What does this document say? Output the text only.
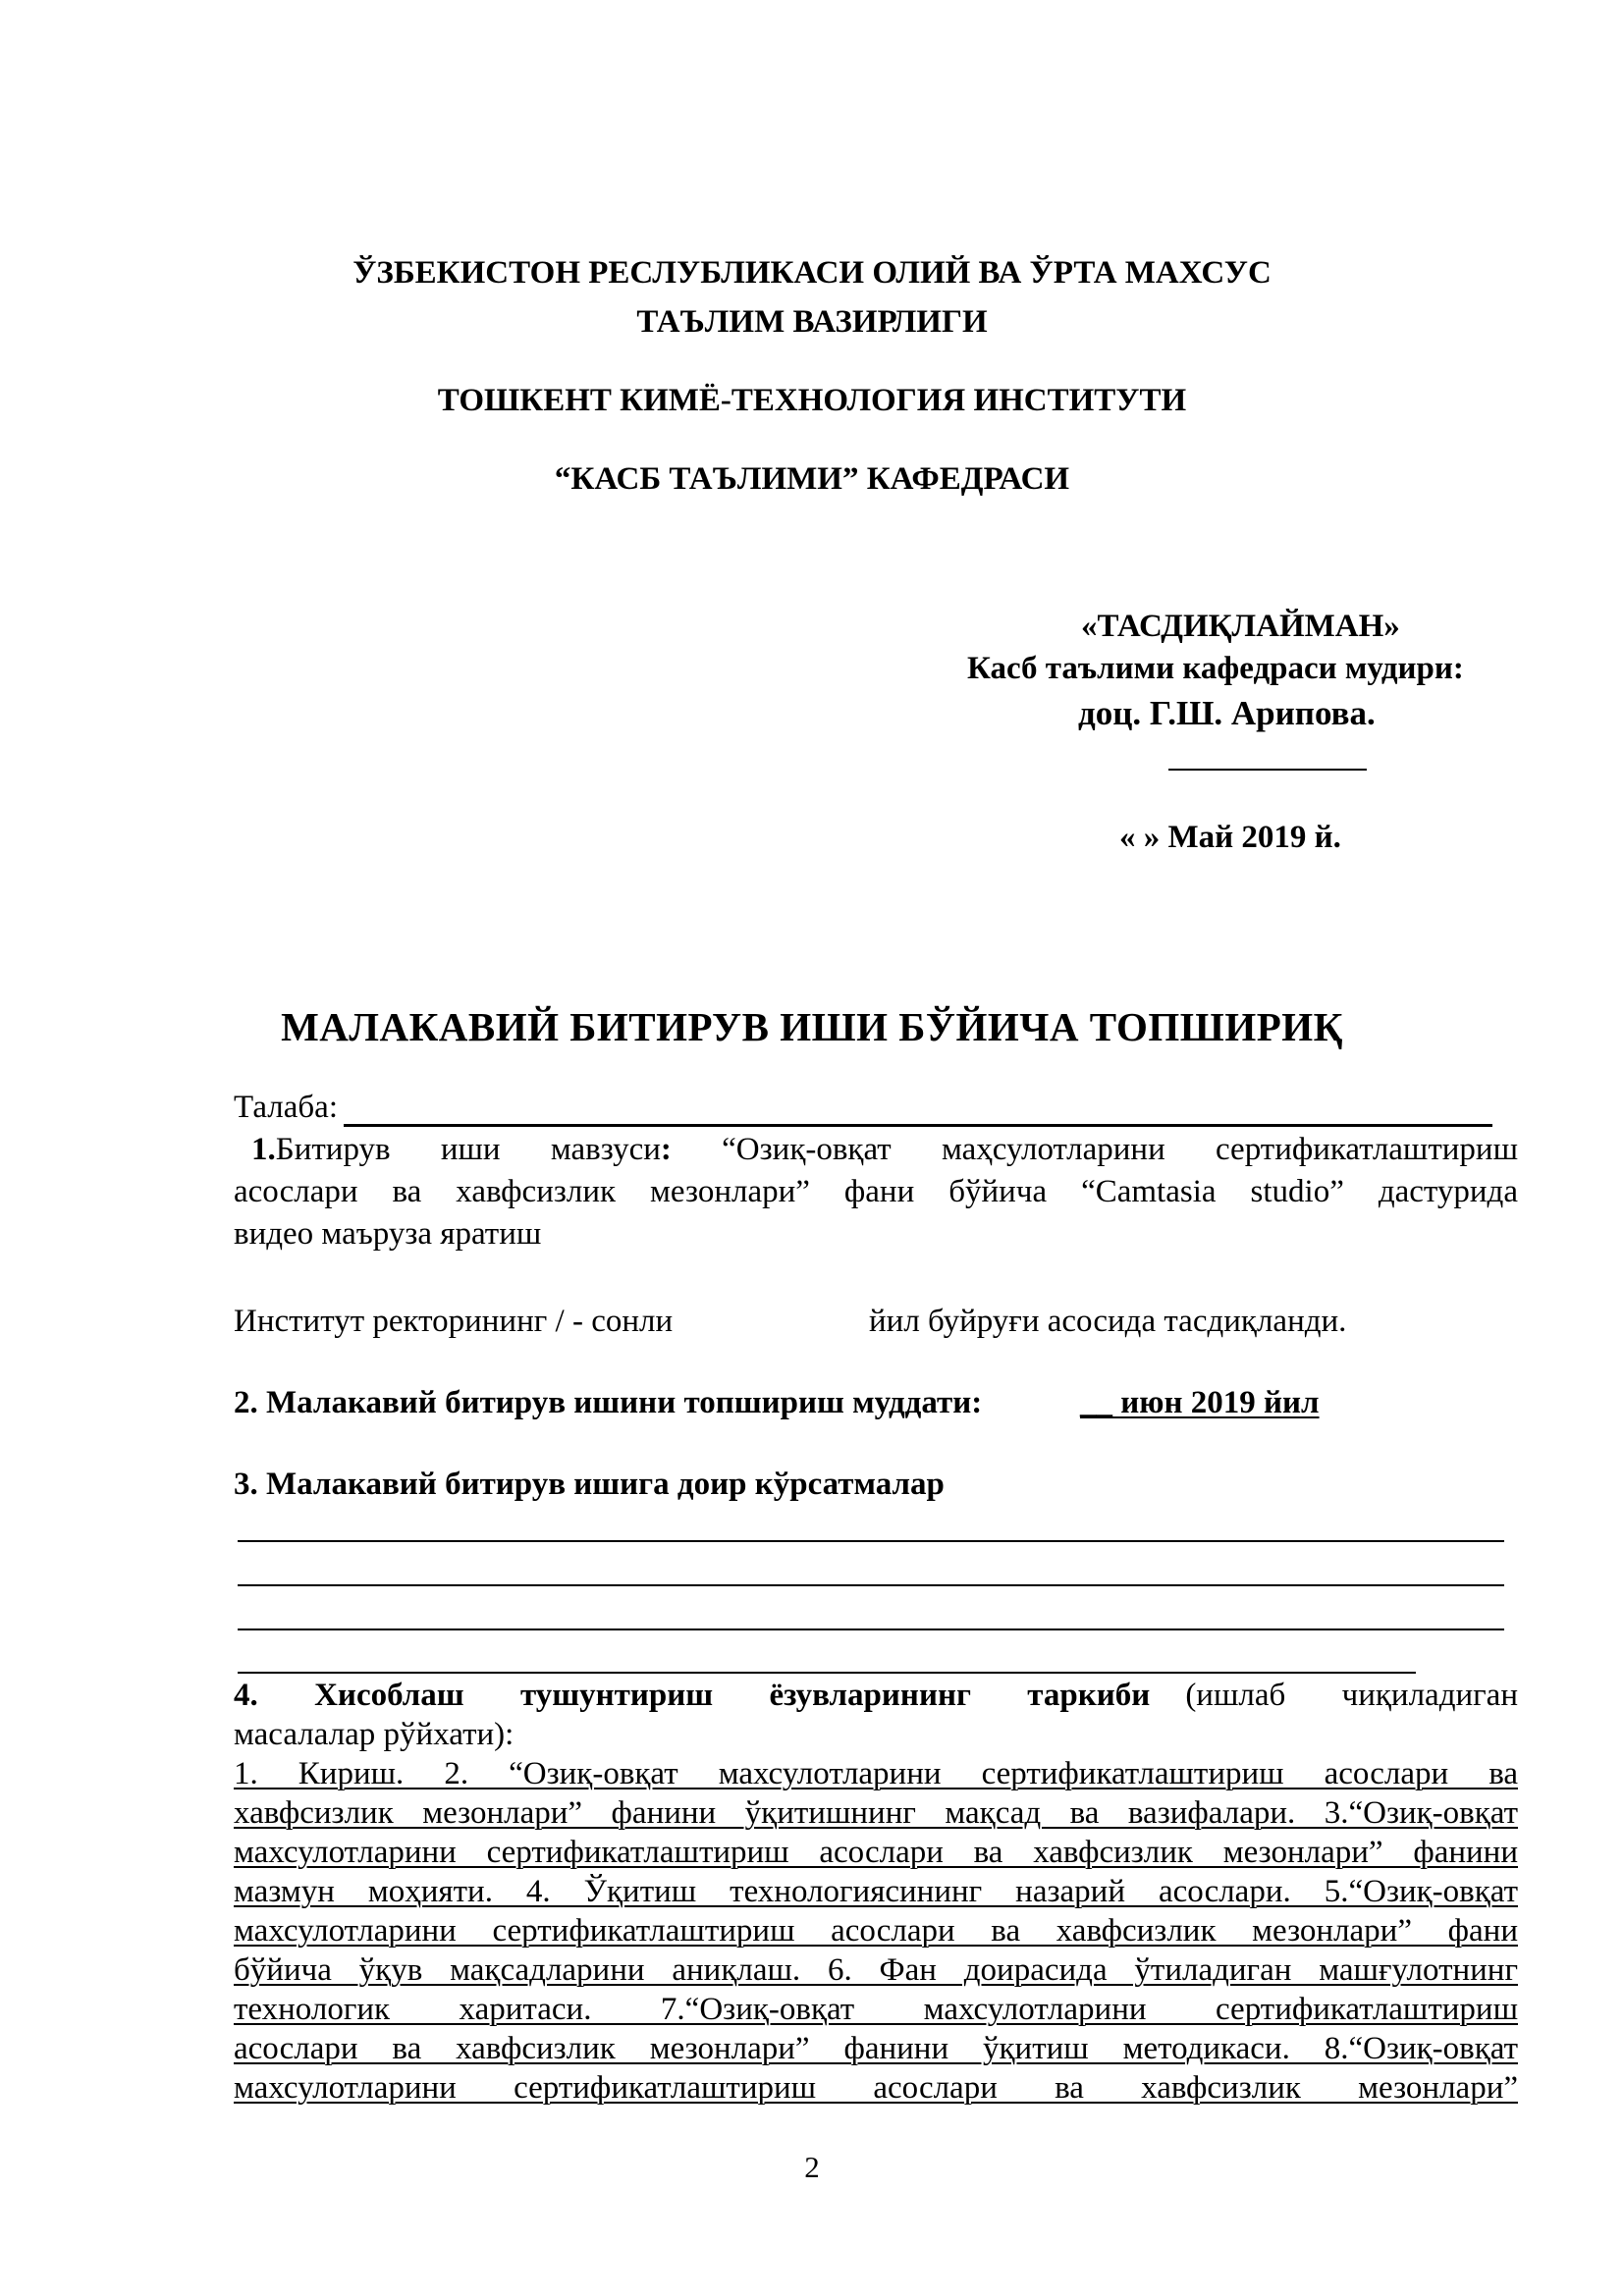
ЎЗБЕКИСТОН РЕСЛУБЛИКАСИ ОЛИЙ ВА ЎРТА МАХСУС
ТАЪЛИМ ВАЗИРЛИГИ
ТОШКЕНТ КИМЁ-ТЕХНОЛОГИЯ ИНСТИТУТИ
“КАСБ ТАЪЛИМИ” КАФЕДРАСИ
«ТАСДИҚЛАЙМАН»
Касб таълими кафедраси мудири:
доц. Г.Ш. Арипова.
« » Май 2019 й.
МАЛАКАВИЙ БИТИРУВ ИШИ БЎЙИЧА ТОПШИРИҚ
Талаба:
1.Битирув иши мавзуси: “Озиқ-овқат маҳсулотларини сертификатлаштириш
асослари ва хавфсизлик мезонлари” фани бўйича “Camtasia studio” дастурида
видео маъруза яратиш
Институт ректорининг / - сонли	йил буйруғи асосида тасдиқланди.
2. Малакавий битирув ишини топшириш муддати:	__ июн 2019 йил
3. Малакавий битирув ишига доир кўрсатмалар
4. Хисоблаш тушунтириш ёзувларининг таркиби (ишлаб чиқиладиган
масалалар рўйхати):
1. Кириш. 2. “Озиқ-овқат махсулотларини сертификатлаштириш асослари ва
хавфсизлик мезонлари” фанини ўқитишнинг мақсад ва вазифалари. 3.“Озиқ-овқат
махсулотларини сертификатлаштириш асослари ва хавфсизлик мезонлари” фанини
мазмун моҳияти. 4. Ўқитиш технологиясининг назарий асослари. 5.“Озиқ-овқат
махсулотларини сертификатлаштириш асослари ва хавфсизлик мезонлари” фани
бўйича ўқув мақсадларини аниқлаш. 6. Фан доирасида ўтиладиган машғулотнинг
технологик харитаси. 7.“Озиқ-овқат махсулотларини сертификатлаштириш
асослари ва хавфсизлик мезонлари” фанини ўқитиш методикаси. 8.“Озиқ-овқат
махсулотларини сертификатлаштириш асослари ва хавфсизлик мезонлари”
2
